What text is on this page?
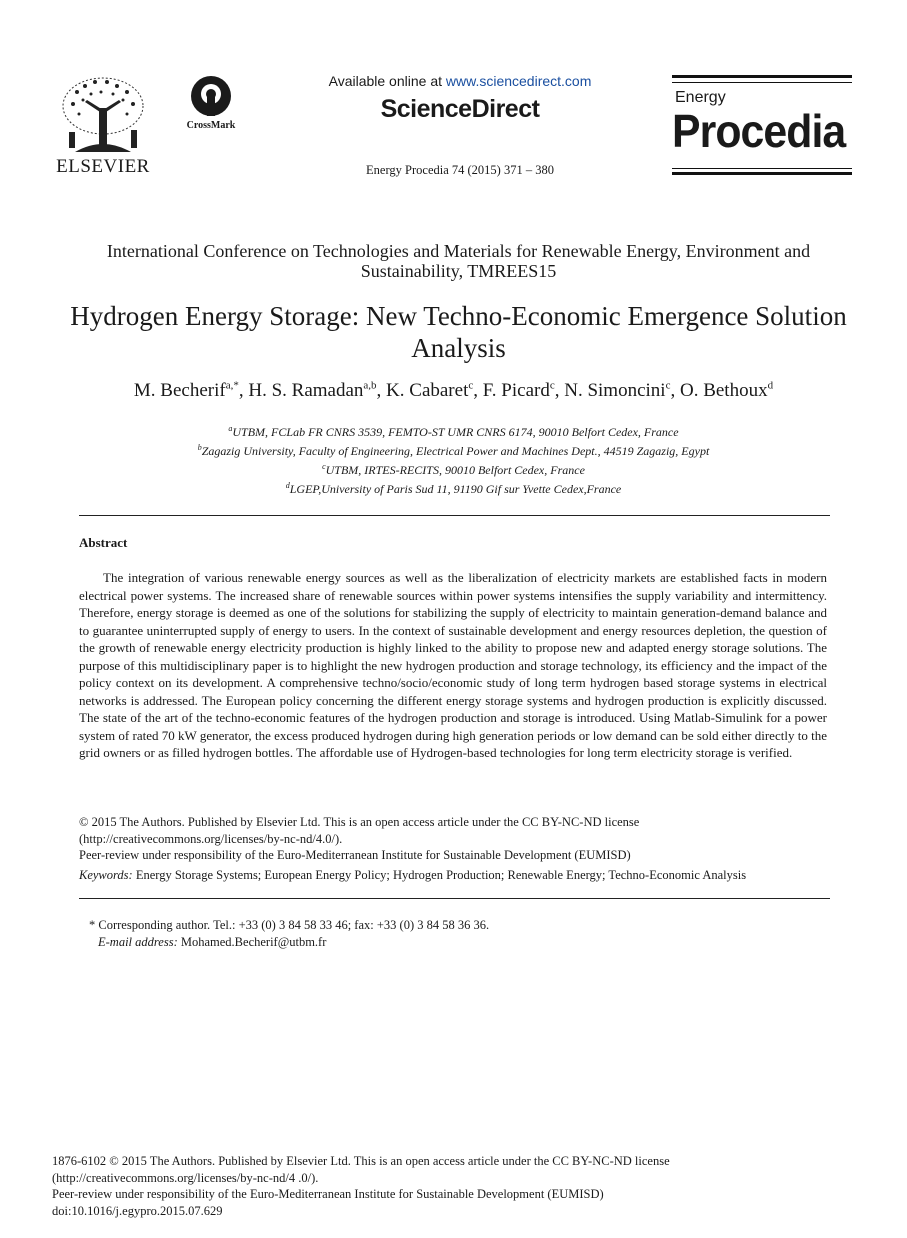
ELSEVIER
CrossMark
Available online at www.sciencedirect.com
ScienceDirect
Energy Procedia 74 (2015) 371 – 380
Energy
Procedia
International Conference on Technologies and Materials for Renewable Energy, Environment and Sustainability, TMREES15
Hydrogen Energy Storage: New Techno-Economic Emergence Solution Analysis
M. Becherif$^{a,*}$, H. S. Ramadan$^{a,b}$, K. Cabaret$^c$, F. Picard$^c$, N. Simoncini$^c$, O. Bethoux$^d$
$^a$UTBM, FCLab FR CNRS 3539, FEMTO-ST UMR CNRS 6174, 90010 Belfort Cedex, France
$^b$Zagazig University, Faculty of Engineering, Electrical Power and Machines Dept., 44519 Zagazig, Egypt
$^c$UTBM, IRTES-RECITS, 90010 Belfort Cedex, France
$^d$LGEP,University of Paris Sud 11, 91190 Gif sur Yvette Cedex,France
Abstract

The integration of various renewable energy sources as well as the liberalization of electricity markets are established facts in modern electrical power systems. The increased share of renewable sources within power systems intensifies the supply variability and intermittency. Therefore, energy storage is deemed as one of the solutions for stabilizing the supply of electricity to maintain generation-demand balance and to guarantee uninterrupted supply of energy to users. In the context of sustainable development and energy resources depletion, the question of the growth of renewable energy electricity production is highly linked to the ability to propose new and adapted energy storage solutions. The purpose of this multidisciplinary paper is to highlight the new hydrogen production and storage technology, its efficiency and the impact of the policy context on its development. A comprehensive techno/socio/economic study of long term hydrogen based storage systems in electrical networks is addressed. The European policy concerning the different energy storage systems and hydrogen production is explicitly discussed. The state of the art of the techno-economic features of the hydrogen production and storage is introduced. Using Matlab-Simulink for a power system of rated 70 kW generator, the excess produced hydrogen during high generation periods or low demand can be sold either directly to the grid owners or as filled hydrogen bottles. The affordable use of Hydrogen-based technologies for long term electricity storage is verified.

© 2015 The Authors. Published by Elsevier Ltd. This is an open access article under the CC BY-NC-ND license
(http://creativecommons.org/licenses/by-nc-nd/4.0/).
Peer-review under responsibility of the Euro-Mediterranean Institute for Sustainable Development (EUMISD)
Keywords: Energy Storage Systems; European Energy Policy; Hydrogen Production; Renewable Energy; Techno-Economic Analysis
* Corresponding author. Tel.: +33 (0) 3 84 58 33 46; fax: +33 (0) 3 84 58 36 36.
E-mail address: Mohamed.Becherif@utbm.fr
1876-6102 © 2015 The Authors. Published by Elsevier Ltd. This is an open access article under the CC BY-NC-ND license
(http://creativecommons.org/licenses/by-nc-nd/4 .0/).
Peer-review under responsibility of the Euro-Mediterranean Institute for Sustainable Development (EUMISD)
doi:10.1016/j.egypro.2015.07.629
